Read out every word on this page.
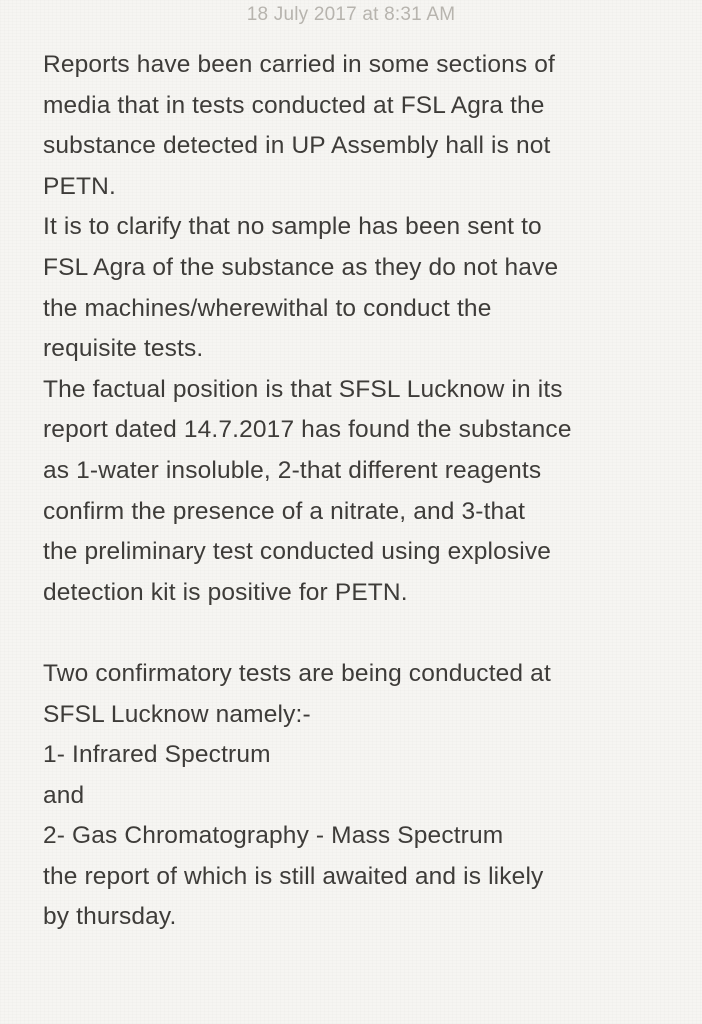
18 July 2017 at 8:31 AM
Reports have been carried in some sections of
media that in tests conducted at FSL Agra the
substance detected in UP Assembly hall is not
PETN.
It is to clarify that no sample has been sent to
FSL Agra of the substance as they do not have
the machines/wherewithal to conduct the
requisite tests.
The factual position is that SFSL Lucknow in its
report dated 14.7.2017 has found the substance
as 1-water insoluble, 2-that different reagents
confirm the presence of a nitrate, and 3-that
the preliminary test conducted using explosive
detection kit is positive for PETN.
Two confirmatory tests are being conducted at
SFSL Lucknow namely:-
1- Infrared Spectrum
and
2- Gas Chromatography - Mass Spectrum
the report of which is still awaited and is likely
by thursday.
